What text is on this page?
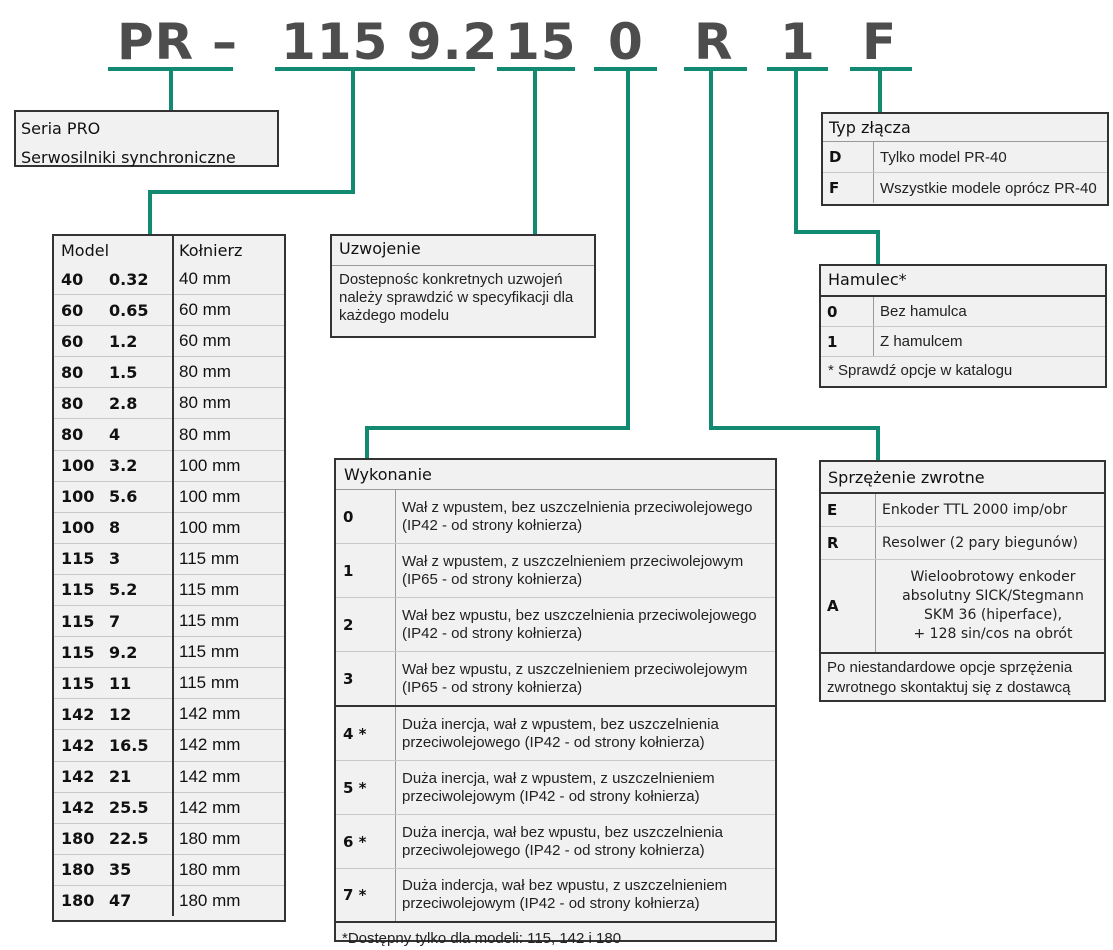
PR – 115 9.2 15 0 R 1 F
Seria PRO
Serwosilniki synchroniczne
Model		Kołnierz
40	0.32	40 mm
60	0.65	60 mm
60	1.2	60 mm
80	1.5	80 mm
80	2.8	80 mm
80	4	80 mm
100	3.2	100 mm
100	5.6	100 mm
100	8	100 mm
115	3	115 mm
115	5.2	115 mm
115	7	115 mm
115	9.2	115 mm
115	11	115 mm
142	12	142 mm
142	16.5	142 mm
142	21	142 mm
142	25.5	142 mm
180	22.5	180 mm
180	35	180 mm
180	47	180 mm
Uzwojenie
Dostepnośc konkretnych uzwojeń należy sprawdzić w specyfikacji dla każdego modelu
Wykonanie
0	Wał z wpustem, bez uszczelnienia przeciwolejowego (IP42 - od strony kołnierza)
1	Wał z wpustem, z uszczelnieniem przeciwolejowym (IP65 - od strony kołnierza)
2	Wał bez wpustu, bez uszczelnienia przeciwolejowego (IP42 - od strony kołnierza)
3	Wał bez wpustu, z uszczelnieniem przeciwolejowym (IP65 - od strony kołnierza)
4 *	Duża inercja, wał z wpustem, bez uszczelnienia przeciwolejowego (IP42 - od strony kołnierza)
5 *	Duża inercja, wał z wpustem, z uszczelnieniem przeciwolejowym (IP42 - od strony kołnierza)
6 *	Duża inercja, wał bez wpustu, bez uszczelnienia przeciwolejowego (IP42 - od strony kołnierza)
7 *	Duża indercja, wał bez wpustu, z uszczelnieniem przeciwolejowym (IP42 - od strony kołnierza)
*Dostępny tylko dla modeli: 115, 142 i 180
Typ złącza
D	Tylko model PR-40
F	Wszystkie modele oprócz PR-40
Hamulec*
0	Bez hamulca
1	Z hamulcem
* Sprawdź opcje w katalogu
Sprzężenie zwrotne
E	Enkoder TTL 2000 imp/obr

R	Resolwer (2 pary biegunów)

A	Wieloobrotowy enkoder
absolutny SICK/Stegmann
SKM 36 (hiperface),
+ 128 sin/cos na obrót
Po niestandardowe opcje sprzężenia zwrotnego skontaktuj się z dostawcą
